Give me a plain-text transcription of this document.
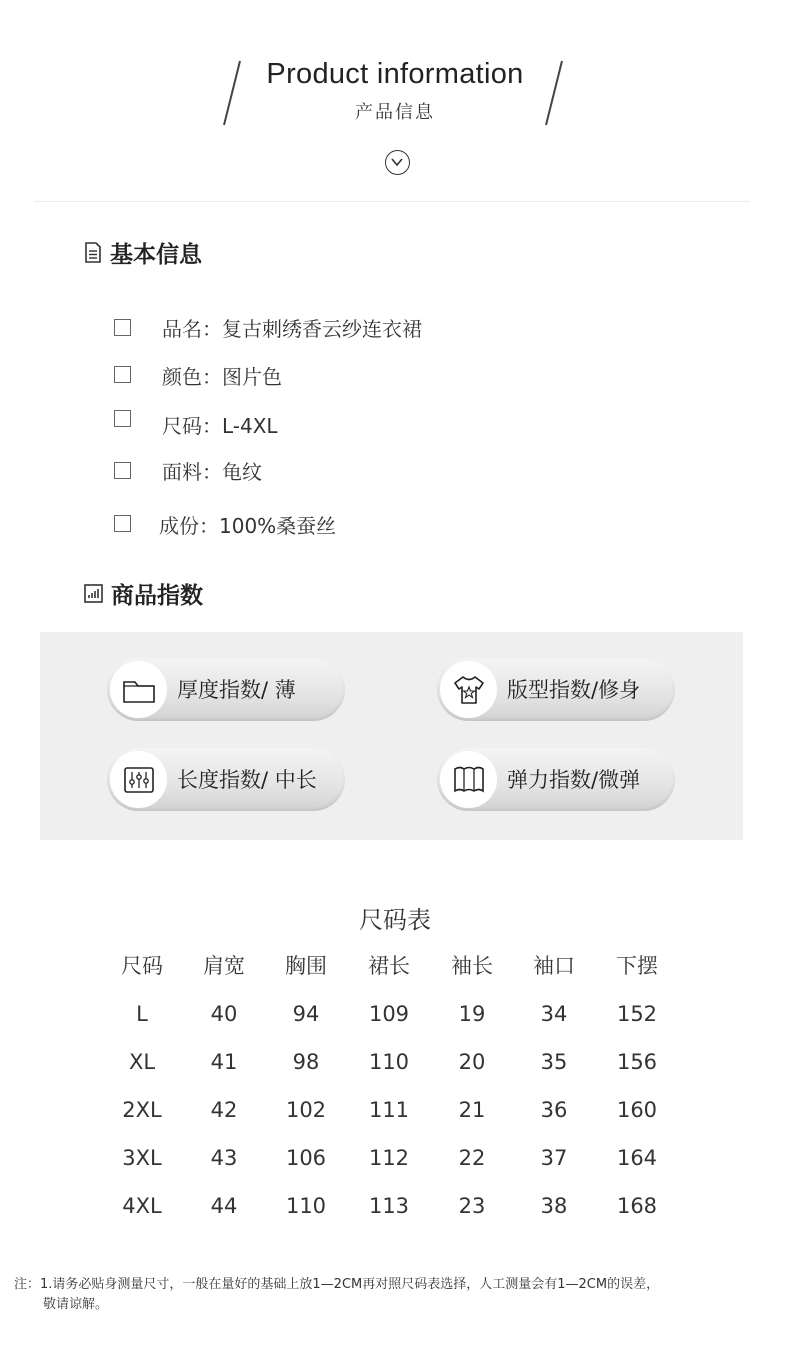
Product information
产品信息
基本信息
品名：复古刺绣香云纱连衣裙
颜色：图片色
尺码：L-4XL
面料：龟纹
成份：100%桑蚕丝
商品指数
厚度指数/ 薄	版型指数/修身
长度指数/ 中长	弹力指数/微弹
尺码表
尺码	肩宽	胸围	裙长	袖长	袖口	下摆
L	40	94	109	19	34	152
XL	41	98	110	20	35	156
2XL	42	102	111	21	36	160
3XL	43	106	112	22	37	164
4XL	44	110	113	23	38	168
注：1.请务必贴身测量尺寸，一般在量好的基础上放1—2CM再对照尺码表选择，人工测量会有1—2CM的误差，
敬请谅解。
